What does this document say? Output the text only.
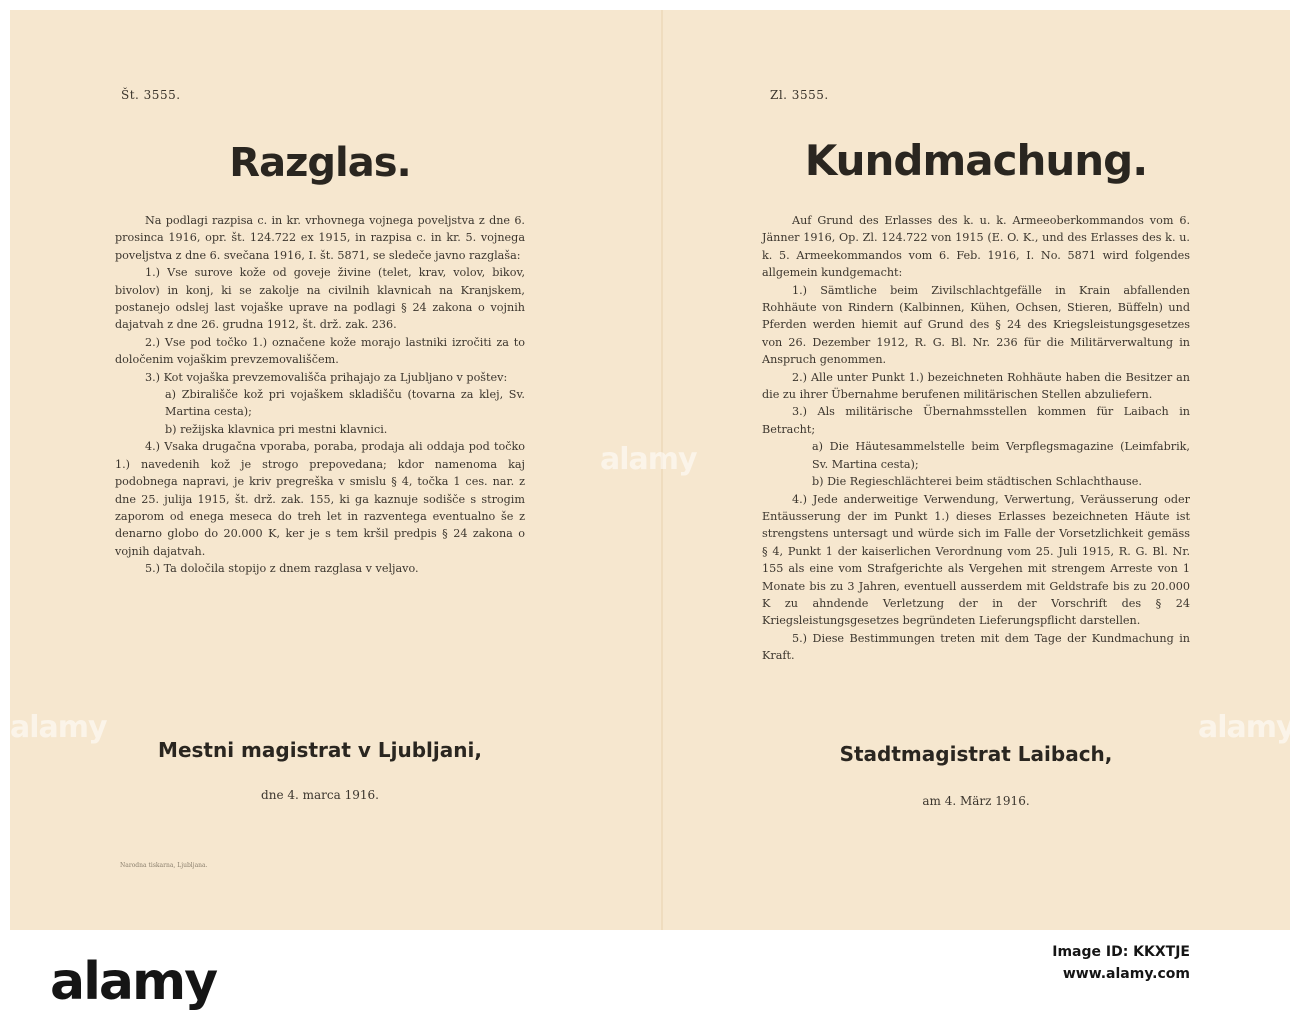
Št. 3555.
Razglas.

Na podlagi razpisa c. in kr. vrhovnega vojnega poveljstva z dne 6. prosinca 1916, opr. št. 124.722 ex 1915, in razpisa c. in kr. 5. vojnega poveljstva z dne 6. svečana 1916, I. št. 5871, se sledeče javno razglaša:

1.) Vse surove kože od goveje živine (telet, krav, volov, bikov, bivolov) in konj, ki se zakolje na civilnih klavnicah na Kranjskem, postanejo odslej last vojaške uprave na podlagi § 24 zakona o vojnih dajatvah z dne 26. grudna 1912, št. drž. zak. 236.

2.) Vse pod točko 1.) označene kože morajo lastniki izročiti za to določenim vojaškim prevzemovališčem.

3.) Kot vojaška prevzemovališča prihajajo za Ljubljano v poštev:

a) Zbirališče kož pri vojaškem skladišču (tovarna za klej, Sv. Martina cesta);

b) režijska klavnica pri mestni klavnici.

4.) Vsaka drugačna vporaba, poraba, prodaja ali oddaja pod točko 1.) navedenih kož je strogo prepovedana; kdor namenoma kaj podobnega napravi, je kriv pregreška v smislu § 4, točka 1 ces. nar. z dne 25. julija 1915, št. drž. zak. 155, ki ga kaznuje sodišče s strogim zaporom od enega meseca do treh let in razventega eventualno še z denarno globo do 20.000 K, ker je s tem kršil predpis § 24 zakona o vojnih dajatvah.

5.) Ta določila stopijo z dnem razglasa v veljavo.

Mestni magistrat v Ljubljani,
dne 4. marca 1916.
Narodna tiskarna, Ljubljana.
Zl. 3555.
Kundmachung.

Auf Grund des Erlasses des k. u. k. Armeeoberkommandos vom 6. Jänner 1916, Op. Zl. 124.722 von 1915 (E. O. K., und des Erlasses des k. u. k. 5. Armeekommandos vom 6. Feb. 1916, I. No. 5871 wird folgendes allgemein kundgemacht:

1.) Sämtliche beim Zivilschlachtgefälle in Krain abfallenden Rohhäute von Rindern (Kalbinnen, Kühen, Ochsen, Stieren, Büffeln) und Pferden werden hiemit auf Grund des § 24 des Kriegsleistungsgesetzes von 26. Dezember 1912, R. G. Bl. Nr. 236 für die Militärverwaltung in Anspruch genommen.

2.) Alle unter Punkt 1.) bezeichneten Rohhäute haben die Besitzer an die zu ihrer Übernahme berufenen militärischen Stellen abzuliefern.

3.) Als militärische Übernahmsstellen kommen für Laibach in Betracht;

a) Die Häutesammelstelle beim Verpflegsmagazine (Leimfabrik, Sv. Martina cesta);

b) Die Regieschlächterei beim städtischen Schlachthause.

4.) Jede anderweitige Verwendung, Verwertung, Veräusserung oder Entäusserung der im Punkt 1.) dieses Erlasses bezeichneten Häute ist strengstens untersagt und würde sich im Falle der Vorsetzlichkeit gemäss § 4, Punkt 1 der kaiserlichen Verordnung vom 25. Juli 1915, R. G. Bl. Nr. 155 als eine vom Strafgerichte als Vergehen mit strengem Arreste von 1 Monate bis zu 3 Jahren, eventuell ausserdem mit Geldstrafe bis zu 20.000 K zu ahndende Verletzung der in der Vorschrift des § 24 Kriegsleistungsgesetzes begründeten Lieferungspflicht darstellen.

5.) Diese Bestimmungen treten mit dem Tage der Kundmachung in Kraft.

Stadtmagistrat Laibach,
am 4. März 1916.
alamy
alamy	alamy
alamy	Image ID: KKXTJE
www.alamy.com
